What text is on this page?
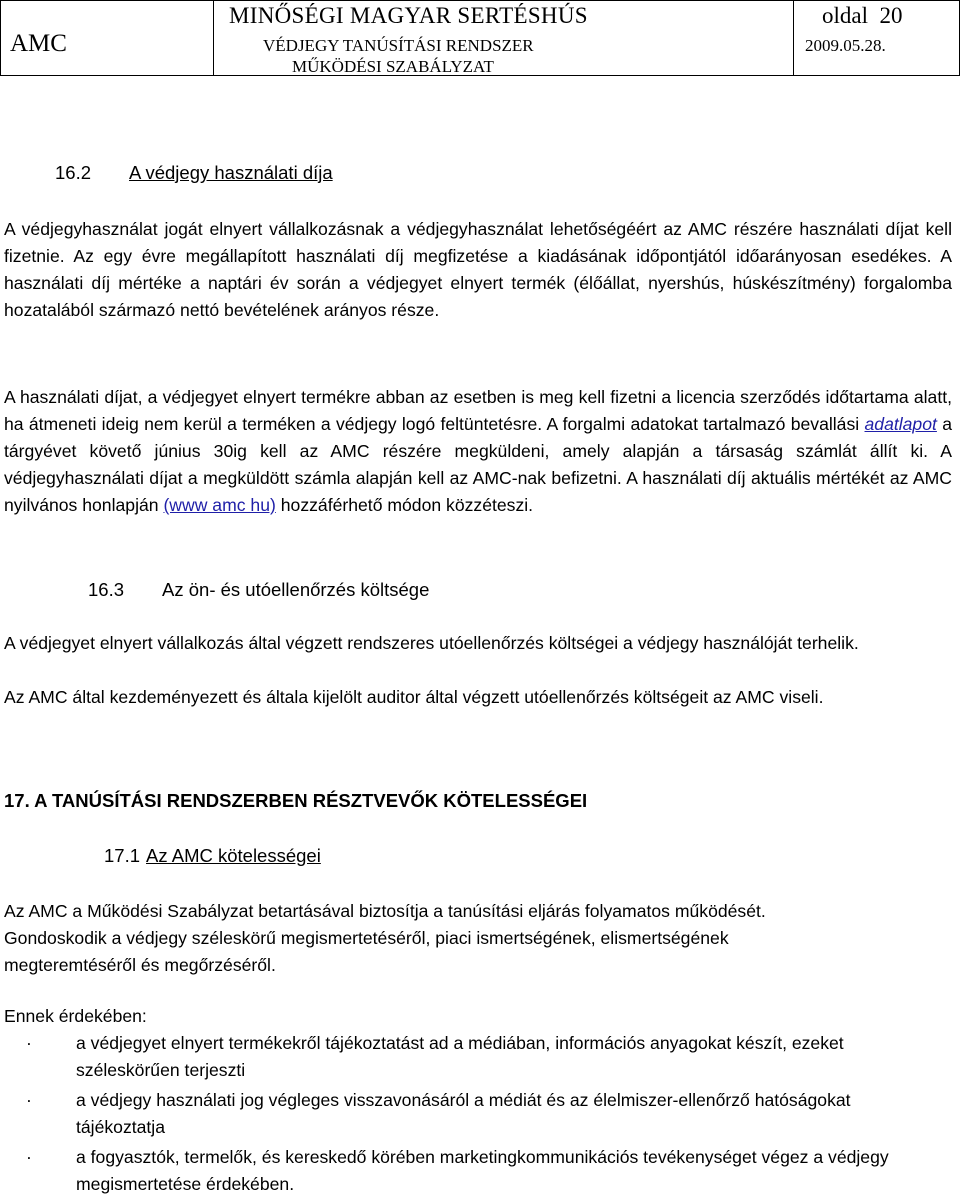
AMC
MINŐSÉGI MAGYAR SERTÉSHÚS
VÉDJEGY TANÚSÍTÁSI RENDSZER
MŰKÖDÉSI SZABÁLYZAT
oldal 20
2009.05.28.
16.2 A védjegy használati díja
A védjegyhasználat jogát elnyert vállalkozásnak a védjegyhasználat lehetőségéért az AMC részére használati díjat kell fizetnie. Az egy évre megállapított használati díj megfizetése a kiadásának időpontjától időarányosan esedékes. A használati díj mértéke a naptári év során a védjegyet elnyert termék (élőállat, nyershús, húskészítmény) forgalomba hozatalából származó nettó bevételének arányos része.
A használati díjat, a védjegyet elnyert termékre abban az esetben is meg kell fizetni a licencia szerződés időtartama alatt, ha átmeneti ideig nem kerül a terméken a védjegy logó feltüntetésre. A forgalmi adatokat tartalmazó bevallási adatlapot a tárgyévet követő június 30ig kell az AMC részére megküldeni, amely alapján a társaság számlát állít ki. A védjegyhasználati díjat a megküldött számla alapján kell az AMC-nak befizetni. A használati díj aktuális mértékét az AMC nyilvános honlapján (www amc hu) hozzáférhető módon közzéteszi.
16.3 Az ön- és utóellenőrzés költsége
A védjegyet elnyert vállalkozás által végzett rendszeres utóellenőrzés költségei a védjegy használóját terhelik.
Az AMC által kezdeményezett és általa kijelölt auditor által végzett utóellenőrzés költségeit az AMC viseli.
17. A TANÚSÍTÁSI RENDSZERBEN RÉSZTVEVŐK KÖTELESSÉGEI
17.1 Az AMC kötelességei
Az AMC a Működési Szabályzat betartásával biztosítja a tanúsítási eljárás folyamatos működését.
Gondoskodik a védjegy széleskörű megismertetéséről, piaci ismertségének, elismertségének megteremtéséről és megőrzéséről.
Ennek érdekében:
·	a védjegyet elnyert termékekről tájékoztatást ad a médiában, információs anyagokat készít, ezeket széleskörűen terjeszti
·	a védjegy használati jog végleges visszavonásáról a médiát és az élelmiszer-ellenőrző hatóságokat tájékoztatja
·	a fogyasztók, termelők, és kereskedő körében marketingkommunikációs tevékenységet végez a védjegy megismertetése érdekében.
